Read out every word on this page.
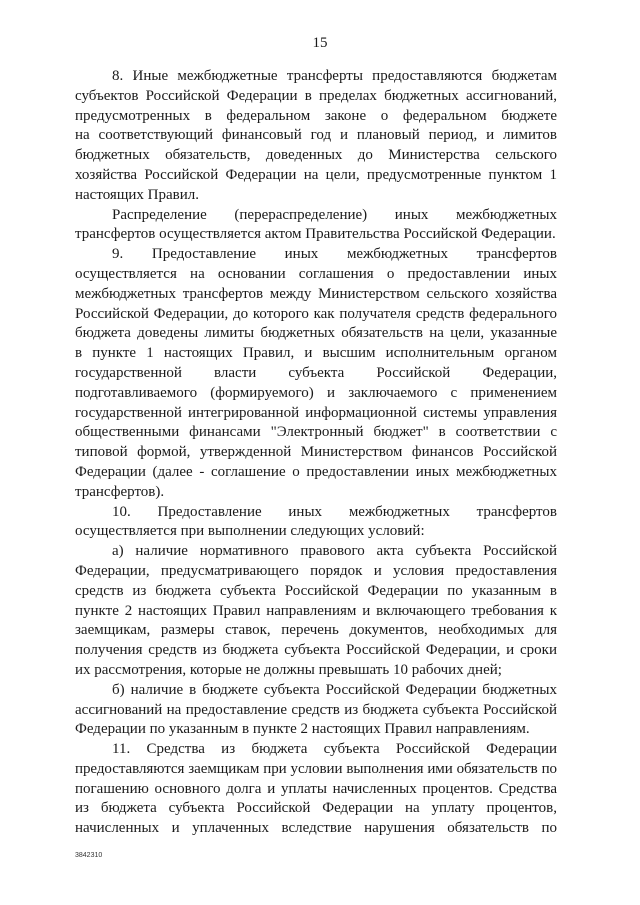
15
8. Иные межбюджетные трансферты предоставляются бюджетам
субъектов Российской Федерации в пределах бюджетных ассигнований,
предусмотренных в федеральном законе о федеральном бюджете
на соответствующий финансовый год и плановый период, и лимитов
бюджетных обязательств, доведенных до Министерства сельского
хозяйства Российской Федерации на цели, предусмотренные пунктом 1
настоящих Правил.
Распределение (перераспределение) иных межбюджетных
трансфертов осуществляется актом Правительства Российской Федерации.
9. Предоставление иных межбюджетных трансфертов
осуществляется на основании соглашения о предоставлении иных
межбюджетных трансфертов между Министерством сельского хозяйства
Российской Федерации, до которого как получателя средств федерального
бюджета доведены лимиты бюджетных обязательств на цели, указанные
в пункте 1 настоящих Правил, и высшим исполнительным органом
государственной власти субъекта Российской Федерации,
подготавливаемого (формируемого) и заключаемого с применением
государственной интегрированной информационной системы управления
общественными финансами "Электронный бюджет" в соответствии с
типовой формой, утвержденной Министерством финансов Российской
Федерации (далее - соглашение о предоставлении иных межбюджетных
трансфертов).
10. Предоставление иных межбюджетных трансфертов
осуществляется при выполнении следующих условий:
а) наличие нормативного правового акта субъекта Российской
Федерации, предусматривающего порядок и условия предоставления
средств из бюджета субъекта Российской Федерации по указанным в
пункте 2 настоящих Правил направлениям и включающего требования к
заемщикам, размеры ставок, перечень документов, необходимых для
получения средств из бюджета субъекта Российской Федерации, и сроки
их рассмотрения, которые не должны превышать 10 рабочих дней;
б) наличие в бюджете субъекта Российской Федерации бюджетных
ассигнований на предоставление средств из бюджета субъекта Российской
Федерации по указанным в пункте 2 настоящих Правил направлениям.
11. Средства из бюджета субъекта Российской Федерации
предоставляются заемщикам при условии выполнения ими обязательств по
погашению основного долга и уплаты начисленных процентов. Средства
из бюджета субъекта Российской Федерации на уплату процентов,
начисленных и уплаченных вследствие нарушения обязательств по
3842310
